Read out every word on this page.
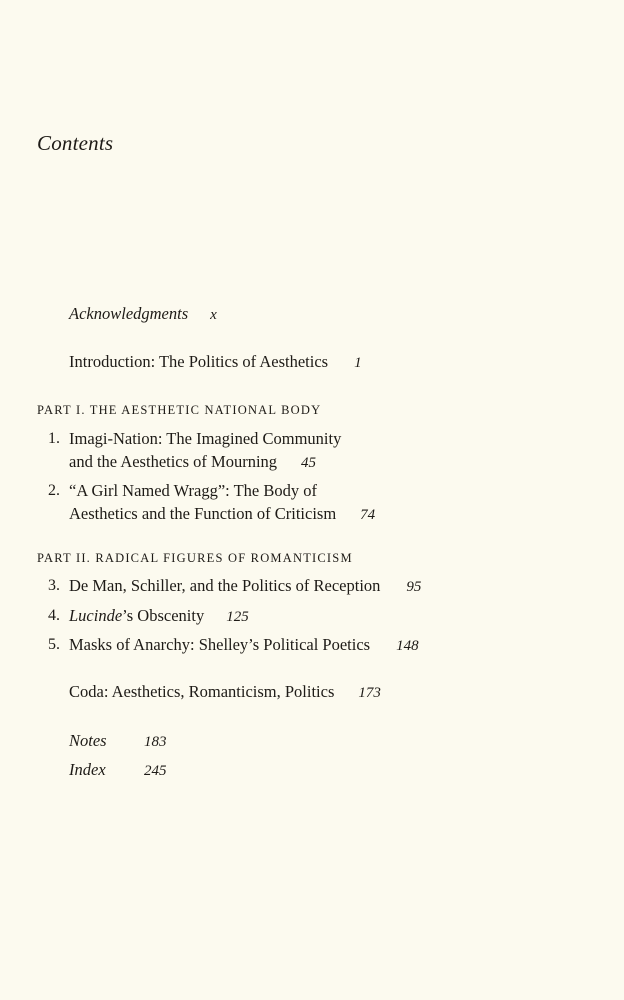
Contents
Acknowledgments x
Introduction: The Politics of Aesthetics 1
PART I. THE AESTHETIC NATIONAL BODY
1. Imagi-Nation: The Imagined Community
and the Aesthetics of Mourning 45
2. “A Girl Named Wragg”: The Body of
Aesthetics and the Function of Criticism 74
PART II. RADICAL FIGURES OF ROMANTICISM
3. De Man, Schiller, and the Politics of Reception 95
4. Lucinde’s Obscenity 125
5. Masks of Anarchy: Shelley’s Political Poetics 148
Coda: Aesthetics, Romanticism, Politics 173
Notes 183
Index	245
